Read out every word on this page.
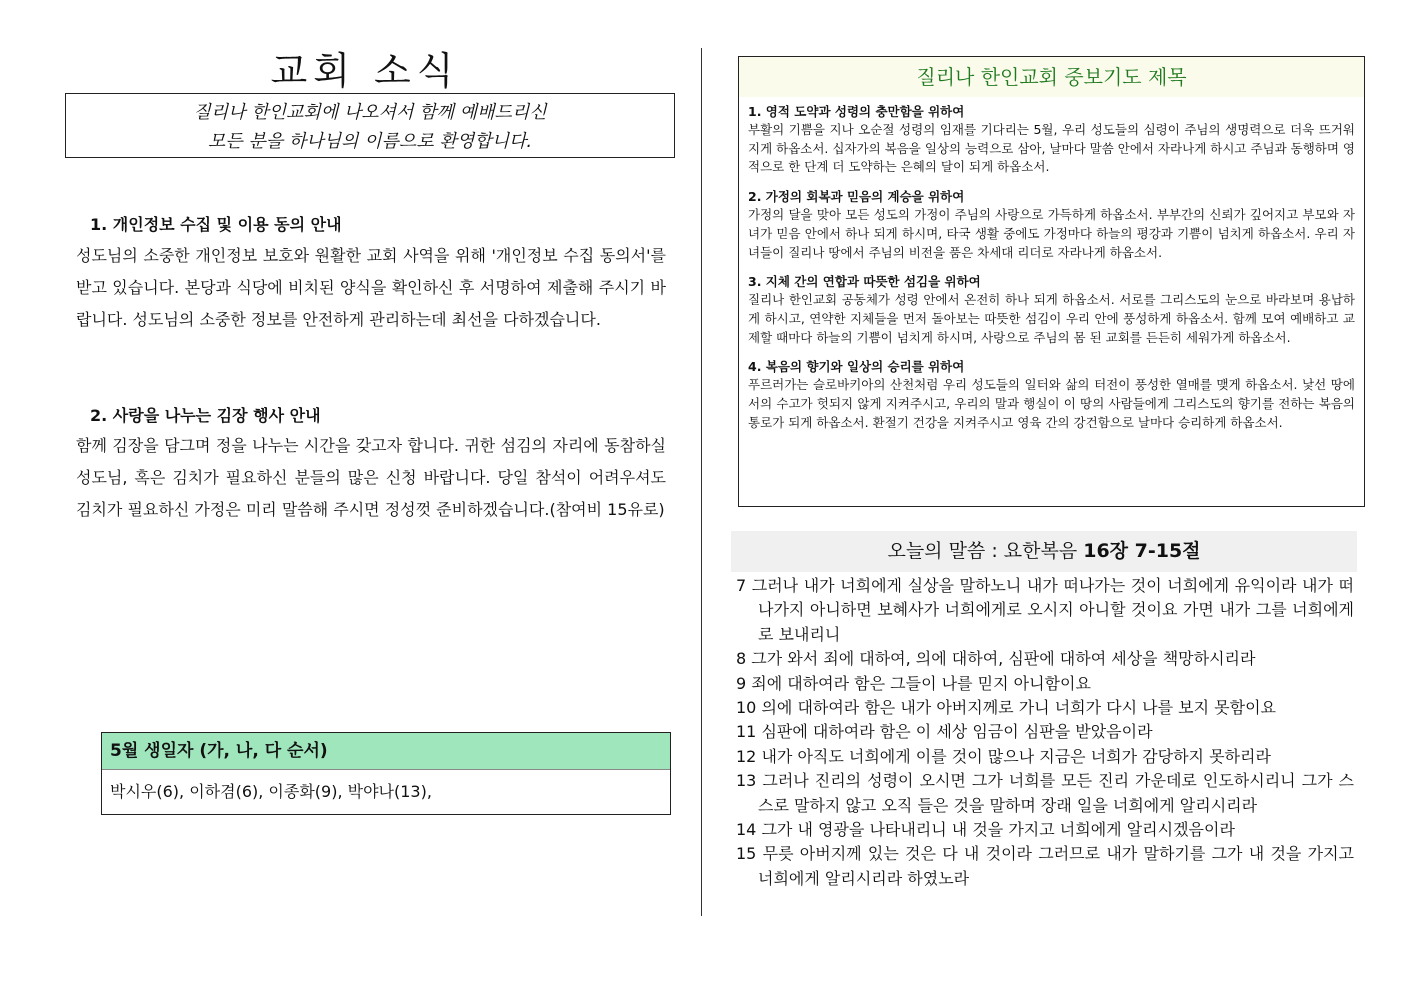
교회 소식
질리나 한인교회에 나오셔서 함께 예배드리신
모든 분을 하나님의 이름으로 환영합니다.
1. 개인정보 수집 및 이용 동의 안내
성도님의 소중한 개인정보 보호와 원활한 교회 사역을 위해 '개인정보 수집 동의서'를 받고 있습니다. 본당과 식당에 비치된 양식을 확인하신 후 서명하여 제출해 주시기 바랍니다. 성도님의 소중한 정보를 안전하게 관리하는데 최선을 다하겠습니다.
2. 사랑을 나누는 김장 행사 안내
함께 김장을 담그며 정을 나누는 시간을 갖고자 합니다. 귀한 섬김의 자리에 동참하실 성도님, 혹은 김치가 필요하신 분들의 많은 신청 바랍니다. 당일 참석이 어려우셔도 김치가 필요하신 가정은 미리 말씀해 주시면 정성껏 준비하겠습니다.(참여비 15유로)
5월 생일자 (가, 나, 다 순서)
박시우(6), 이하겸(6), 이종화(9), 박야나(13),
질리나 한인교회 중보기도 제목
1. 영적 도약과 성령의 충만함을 위하여
부활의 기쁨을 지나 오순절 성령의 임재를 기다리는 5월, 우리 성도들의 심령이 주님의 생명력으로 더욱 뜨거워지게 하옵소서. 십자가의 복음을 일상의 능력으로 삼아, 날마다 말씀 안에서 자라나게 하시고 주님과 동행하며 영적으로 한 단계 더 도약하는 은혜의 달이 되게 하옵소서.
2. 가정의 회복과 믿음의 계승을 위하여
가정의 달을 맞아 모든 성도의 가정이 주님의 사랑으로 가득하게 하옵소서. 부부간의 신뢰가 깊어지고 부모와 자녀가 믿음 안에서 하나 되게 하시며, 타국 생활 중에도 가정마다 하늘의 평강과 기쁨이 넘치게 하옵소서. 우리 자녀들이 질리나 땅에서 주님의 비전을 품은 차세대 리더로 자라나게 하옵소서.
3. 지체 간의 연합과 따뜻한 섬김을 위하여
질리나 한인교회 공동체가 성령 안에서 온전히 하나 되게 하옵소서. 서로를 그리스도의 눈으로 바라보며 용납하게 하시고, 연약한 지체들을 먼저 돌아보는 따뜻한 섬김이 우리 안에 풍성하게 하옵소서. 함께 모여 예배하고 교제할 때마다 하늘의 기쁨이 넘치게 하시며, 사랑으로 주님의 몸 된 교회를 든든히 세워가게 하옵소서.
4. 복음의 향기와 일상의 승리를 위하여
푸르러가는 슬로바키아의 산천처럼 우리 성도들의 일터와 삶의 터전이 풍성한 열매를 맺게 하옵소서. 낯선 땅에서의 수고가 헛되지 않게 지켜주시고, 우리의 말과 행실이 이 땅의 사람들에게 그리스도의 향기를 전하는 복음의 통로가 되게 하옵소서. 환절기 건강을 지켜주시고 영육 간의 강건함으로 날마다 승리하게 하옵소서.
오늘의 말씀 : 요한복음 16장 7-15절
7 그러나 내가 너희에게 실상을 말하노니 내가 떠나가는 것이 너희에게 유익이라 내가 떠나가지 아니하면 보혜사가 너희에게로 오시지 아니할 것이요 가면 내가 그를 너희에게로 보내리니
8 그가 와서 죄에 대하여, 의에 대하여, 심판에 대하여 세상을 책망하시리라
9 죄에 대하여라 함은 그들이 나를 믿지 아니함이요
10 의에 대하여라 함은 내가 아버지께로 가니 너희가 다시 나를 보지 못함이요
11 심판에 대하여라 함은 이 세상 임금이 심판을 받았음이라
12 내가 아직도 너희에게 이를 것이 많으나 지금은 너희가 감당하지 못하리라
13 그러나 진리의 성령이 오시면 그가 너희를 모든 진리 가운데로 인도하시리니 그가 스스로 말하지 않고 오직 들은 것을 말하며 장래 일을 너희에게 알리시리라
14 그가 내 영광을 나타내리니 내 것을 가지고 너희에게 알리시겠음이라
15 무릇 아버지께 있는 것은 다 내 것이라 그러므로 내가 말하기를 그가 내 것을 가지고 너희에게 알리시리라 하였노라
